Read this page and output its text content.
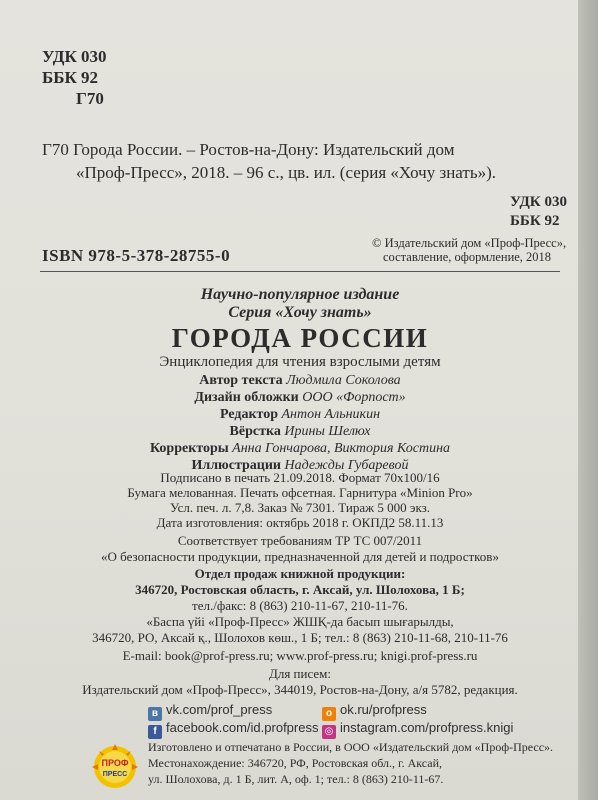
УДК 030
ББК 92
Г70
Г70 Города России. – Ростов-на-Дону: Издательский дом
«Проф-Пресс», 2018. – 96 с., цв. ил. (серия «Хочу знать»).
УДК 030
ББК 92
ISBN 978-5-378-28755-0
© Издательский дом «Проф-Пресс»,
составление, оформление, 2018
Научно-популярное издание
Серия «Хочу знать»
ГОРОДА РОССИИ
Энциклопедия для чтения взрослыми детям
Автор текста Людмила Соколова
Дизайн обложки ООО «Форпост»
Редактор Антон Альникин
Вёрстка Ирины Шелюх
Корректоры Анна Гончарова, Виктория Костина
Иллюстрации Надежды Губаревой
Подписано в печать 21.09.2018. Формат 70х100/16
Бумага мелованная. Печать офсетная. Гарнитура «Minion Pro»
Усл. печ. л. 7,8. Заказ № 7301. Тираж 5 000 экз.
Дата изготовления: октябрь 2018 г. ОКПД2 58.11.13
Соответствует требованиям ТР ТС 007/2011
«О безопасности продукции, предназначенной для детей и подростков»
Отдел продаж книжной продукции:
346720, Ростовская область, г. Аксай, ул. Шолохова, 1 Б;
тел./факс: 8 (863) 210-11-67, 210-11-76.
«Баспа үйі «Проф-Пресс» ЖШҚ-да басып шығарылды,
346720, РО, Аксай қ., Шолохов көш., 1 Б; тел.: 8 (863) 210-11-68, 210-11-76
E-mail: book@prof-press.ru; www.prof-press.ru; knigi.prof-press.ru
Для писем:
Издательский дом «Проф-Пресс», 344019, Ростов-на-Дону, а/я 5782, редакция.
в vk.com/prof_press	о ok.ru/profpress
f facebook.com/id.profpress ◎ instagram.com/profpress.knigi
ПРОФ
ПРЕСС
Изготовлено и отпечатано в России, в ООО «Издательский дом «Проф-Пресс».
Местонахождение: 346720, РФ, Ростовская обл., г. Аксай,
ул. Шолохова, д. 1 Б, лит. А, оф. 1; тел.: 8 (863) 210-11-67.
